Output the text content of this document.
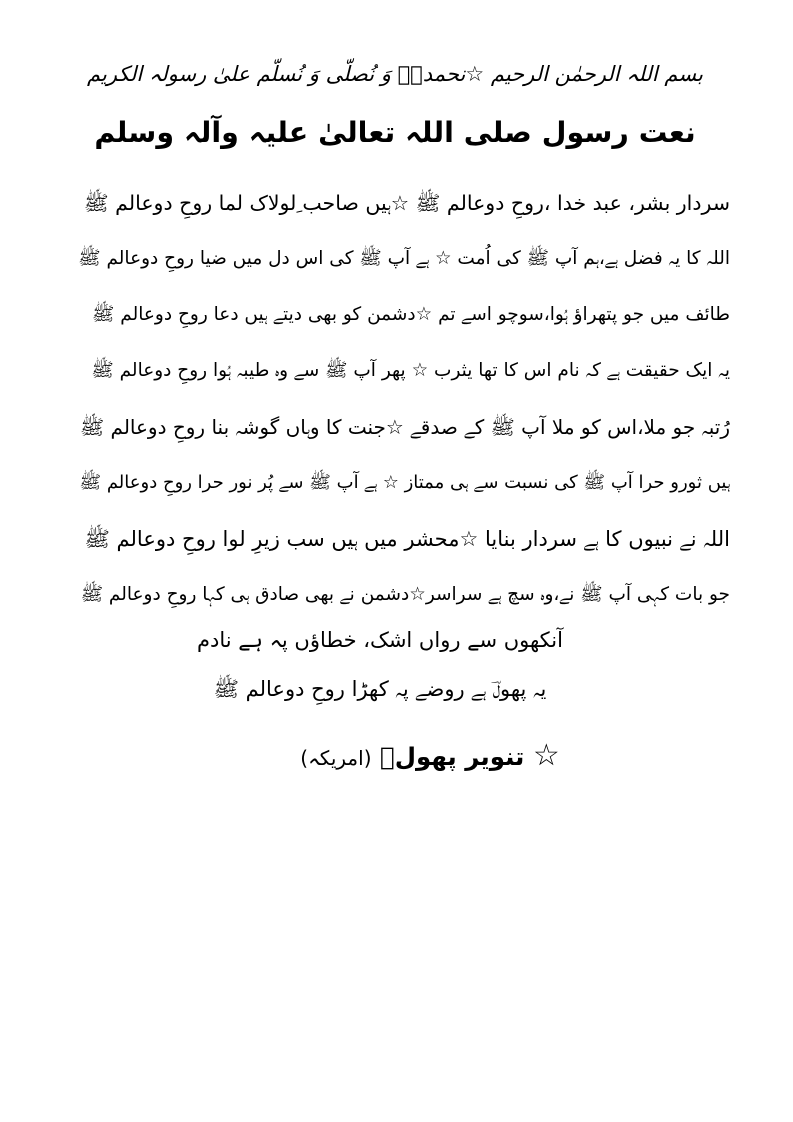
بسم اللہ الرحمٰن الرحیم ☆نحمدہٗ وَ نُصلّی وَ نُسلّم علیٰ رسولہ الکریم
نعت رسول صلی اللہ تعالیٰ علیہ وآلہ وسلم
سردار بشر، عبد خدا ،روحِ دوعالم ﷺ ☆ہیں صاحب ِلولاک لما روحِ دوعالم ﷺ
اللہ کا یہ فضل ہے،ہم آپ ﷺ کی اُمت ☆ ہے آپ ﷺ کی اس دل میں ضیا روحِ دوعالم ﷺ
طائف میں جو پتھراؤ ہُوا،سوچو اسے تم ☆دشمن کو بھی دیتے ہیں دعا روحِ دوعالم ﷺ
یہ ایک حقیقت ہے کہ نام اس کا تھا یثرب ☆ پھر آپ ﷺ سے وہ طیبہ ہُوا روحِ دوعالم ﷺ
رُتبہ جو ملا،اس کو ملا آپ ﷺ کے صدقے ☆جنت کا وہاں گوشہ بنا روحِ دوعالم ﷺ
ہیں ثورو حرا آپ ﷺ کی نسبت سے ہی ممتاز ☆ ہے آپ ﷺ سے پُر نور حرا روحِ دوعالم ﷺ
اللہ نے نبیوں کا ہے سردار بنایا ☆محشر میں ہیں سب زیرِ لوا روحِ دوعالم ﷺ
جو بات کہی آپ ﷺ نے،وہ سچ ہے سراسر☆دشمن نے بھی صادق ہی کہا روحِ دوعالم ﷺ
آنکھوں سے رواں اشک، خطاؤں پہ ہے نادم
یہ پھولؔ ہے روضے پہ کھڑا روحِ دوعالم ﷺ
☆ تنویر پھولؔ (امریکہ)
